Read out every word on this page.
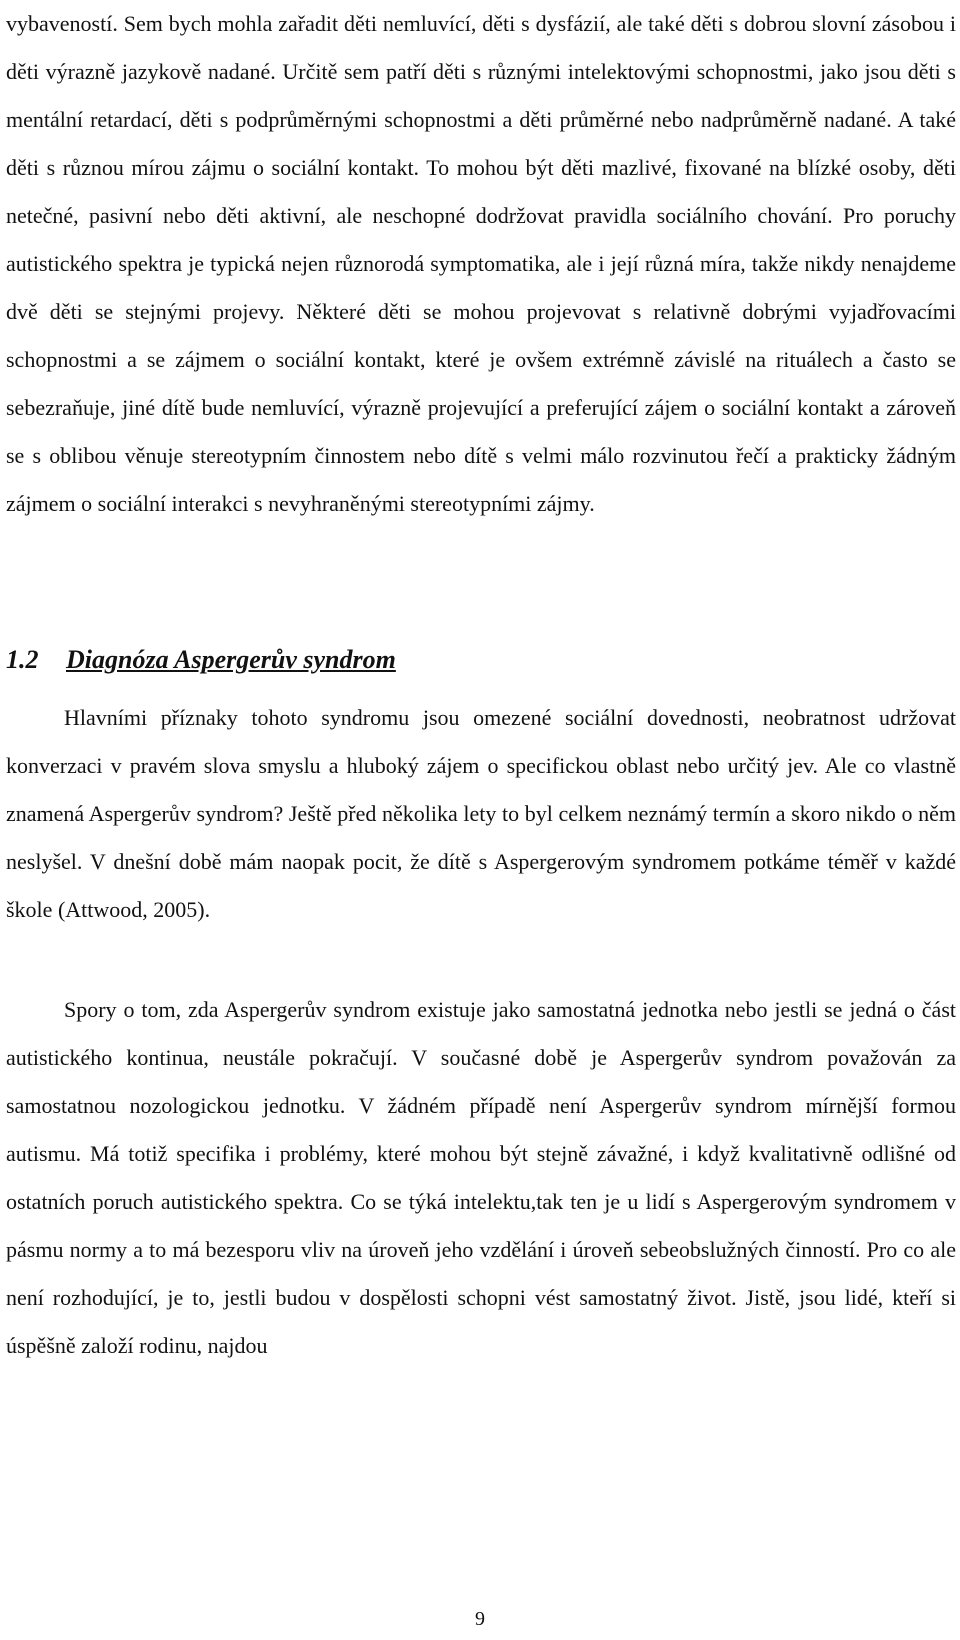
vybaveností. Sem bych mohla zařadit děti nemluvící, děti s dysfázií, ale také děti s dobrou slovní zásobou i děti výrazně jazykově nadané. Určitě sem patří děti s různými intelektovými schopnostmi, jako jsou děti s mentální retardací, děti s podprůměrnými schopnostmi a děti průměrné nebo nadprůměrně nadané. A také děti s různou mírou zájmu o sociální kontakt. To mohou být děti mazlivé, fixované na blízké osoby, děti netečné, pasivní nebo děti aktivní, ale neschopné dodržovat pravidla sociálního chování. Pro poruchy autistického spektra je typická nejen různorodá symptomatika, ale i její různá míra, takže nikdy nenajdeme dvě děti se stejnými projevy. Některé děti se mohou projevovat s relativně dobrými vyjadřovacími schopnostmi a se zájmem o sociální kontakt, které je ovšem extrémně závislé na rituálech a často se sebezraňuje, jiné dítě bude nemluvící, výrazně projevující a preferující zájem o sociální kontakt a zároveň se s oblibou věnuje stereotypním činnostem nebo dítě s velmi málo rozvinutou řečí a prakticky žádným zájmem o sociální interakci s nevyhraněnými stereotypními zájmy.

1.2 Diagnóza Aspergerův syndrom

Hlavními příznaky tohoto syndromu jsou omezené sociální dovednosti, neobratnost udržovat konverzaci v pravém slova smyslu a hluboký zájem o specifickou oblast nebo určitý jev. Ale co vlastně znamená Aspergerův syndrom? Ještě před několika lety to byl celkem neznámý termín a skoro nikdo o něm neslyšel. V dnešní době mám naopak pocit, že dítě s Aspergerovým syndromem potkáme téměř v každé škole (Attwood, 2005).

Spory o tom, zda Aspergerův syndrom existuje jako samostatná jednotka nebo jestli se jedná o část autistického kontinua, neustále pokračují. V současné době je Aspergerův syndrom považován za samostatnou nozologickou jednotku. V žádném případě není Aspergerův syndrom mírnější formou autismu. Má totiž specifika i problémy, které mohou být stejně závažné, i když kvalitativně odlišné od ostatních poruch autistického spektra. Co se týká intelektu,tak ten je u lidí s Aspergerovým syndromem v pásmu normy a to má bezesporu vliv na úroveň jeho vzdělání i úroveň sebeobslužných činností. Pro co ale není rozhodující, je to, jestli budou v dospělosti schopni vést samostatný život. Jistě, jsou lidé, kteří si úspěšně založí rodinu, najdou

9
